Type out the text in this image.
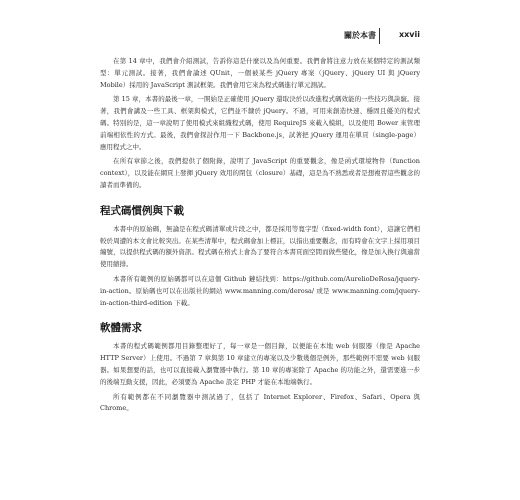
關於本書	xxvii

在第 14 章中，我們會介紹測試，告訴你這是什麼以及為何重要。我們會將注意力放在某個特定的測試類型：單元測試。接著，我們會論述 QUnit，一個被某些 jQuery 專案（jQuery、jQuery UI 與 jQuery Mobile）採用的 JavaScript 測試框架。我們會用它來為程式碼進行單元測試。

第 15 章，本書的最後一章，一開始是正確使用 jQuery 還取決於以改進程式碼效能的一些技巧與訣竅。接著，我們會講及一些工具、框架與模式，它們並不隸於 jQuery。不過，可用來創造快速、穩固且優美的程式碼。特別的是，這一章說明了使用模式來組織程式碼，使用 RequireJS 來載入模組，以及使用 Bower 來管理前端相依性的方式。最後，我們會探討作用一下 Backbone.js，試著把 jQuery 運用在單頁（single-page）應用程式之中。

在所有章節之後，我們提供了個附錄，說明了 JavaScript 的重要觀念，像是函式環境物件（function context），以及能在網頁上發揮 jQuery 效用的閉包（closure）基礎，這是為不熟悉或者是想複習這些觀念的讀者而準備的。

程式碼慣例與下載

本書中的原始碼，無論是在程式碼清單或片段之中，都是採用等寬字型（fixed-width font），這讓它們相較於周遭的本文會比較突出。在某些清單中，程式碼會加上標註，以指出重要觀念，而有時會在文字上採用項目編號，以提供程式碼的額外資訊。程式碼在格式上會為了要符合本書頁面空間而做些變化，像是加入換行與適當使用縮排。

本書所有範例的原始碼都可以在這個 Github 鏈結找到：https://github.com/AurelioDeRosa/jquery-in-action。原始碼也可以在出版社的網站 www.manning.com/derosa/ 或是 www.manning.com/jquery-in-action-third-edition 下載。

軟體需求

本書的程式碼範例都用目錄整理好了，每一章是一個目錄，以便能在本地 web 伺服器（像是 Apache HTTP Server）上使用。不過第 7 章與第 10 章建立的專案以及少數幾個是例外，那些範例不需要 web 伺服器。如果想要的話，也可以直接載入瀏覽器中執行。第 10 章的專案除了 Apache 的功能之外，還需要進一步的後端互動支援，因此，必須要為 Apache 設定 PHP 才能在本地端執行。

所有範例都在不同瀏覽器中測試過了，包括了 Internet Explorer、Firefox、Safari、Opera 與 Chrome。
